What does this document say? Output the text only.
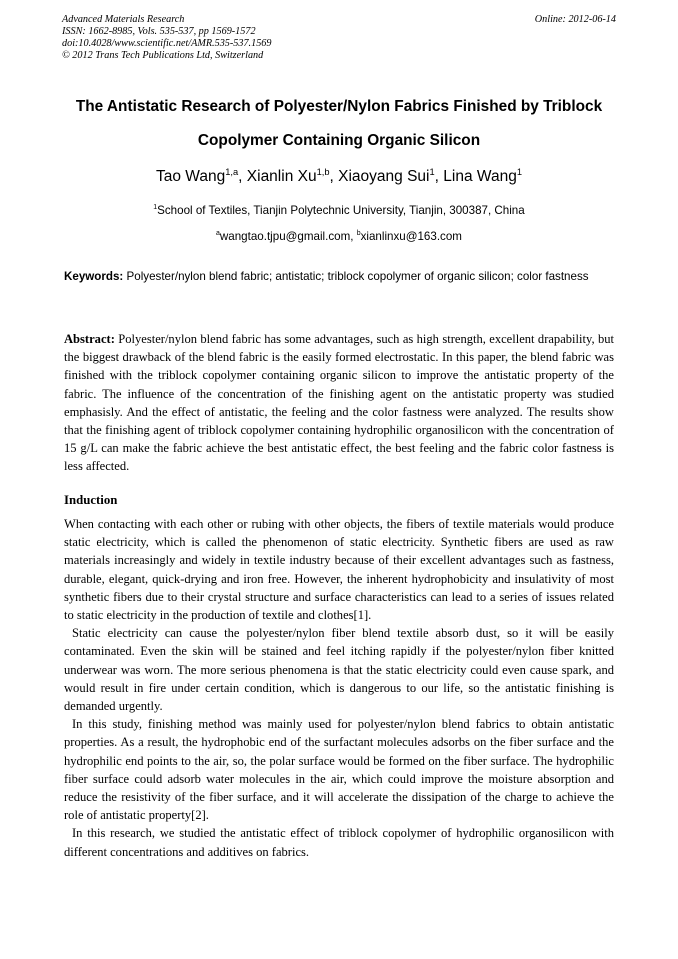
Advanced Materials Research
ISSN: 1662-8985, Vols. 535-537, pp 1569-1572
doi:10.4028/www.scientific.net/AMR.535-537.1569
© 2012 Trans Tech Publications Ltd, Switzerland
Online: 2012-06-14
The Antistatic Research of Polyester/Nylon Fabrics Finished by Triblock Copolymer Containing Organic Silicon
Tao Wang$^{1,a}$, Xianlin Xu$^{1,b}$, Xiaoyang Sui$^1$, Lina Wang$^1$
$^1$School of Textiles, Tianjin Polytechnic University, Tianjin, 300387, China
$^a$wangtao.tjpu@gmail.com, $^b$xianlinxu@163.com
Keywords: Polyester/nylon blend fabric; antistatic; triblock copolymer of organic silicon; color fastness
Abstract: Polyester/nylon blend fabric has some advantages, such as high strength, excellent drapability, but the biggest drawback of the blend fabric is the easily formed electrostatic. In this paper, the blend fabric was finished with the triblock copolymer containing organic silicon to improve the antistatic property of the fabric. The influence of the concentration of the finishing agent on the antistatic property was studied emphasisly. And the effect of antistatic, the feeling and the color fastness were analyzed. The results show that the finishing agent of triblock copolymer containing hydrophilic organosilicon with the concentration of 15 g/L can make the fabric achieve the best antistatic effect, the best feeling and the fabric color fastness is less affected.
Induction

When contacting with each other or rubing with other objects, the fibers of textile materials would produce static electricity, which is called the phenomenon of static electricity. Synthetic fibers are used as raw materials increasingly and widely in textile industry because of their excellent advantages such as fastness, durable, elegant, quick-drying and iron free. However, the inherent hydrophobicity and insulativity of most synthetic fibers due to their crystal structure and surface characteristics can lead to a series of issues related to static electricity in the production of textile and clothes[1].

Static electricity can cause the polyester/nylon fiber blend textile absorb dust, so it will be easily contaminated. Even the skin will be stained and feel itching rapidly if the polyester/nylon fiber knitted underwear was worn. The more serious phenomena is that the static electricity could even cause spark, and would result in fire under certain condition, which is dangerous to our life, so the antistatic finishing is demanded urgently.

In this study, finishing method was mainly used for polyester/nylon blend fabrics to obtain antistatic properties. As a result, the hydrophobic end of the surfactant molecules adsorbs on the fiber surface and the hydrophilic end points to the air, so, the polar surface would be formed on the fiber surface. The hydrophilic fiber surface could adsorb water molecules in the air, which could improve the moisture absorption and reduce the resistivity of the fiber surface, and it will accelerate the dissipation of the charge to achieve the role of antistatic property[2].

In this research, we studied the antistatic effect of triblock copolymer of hydrophilic organosilicon with different concentrations and additives on fabrics.
